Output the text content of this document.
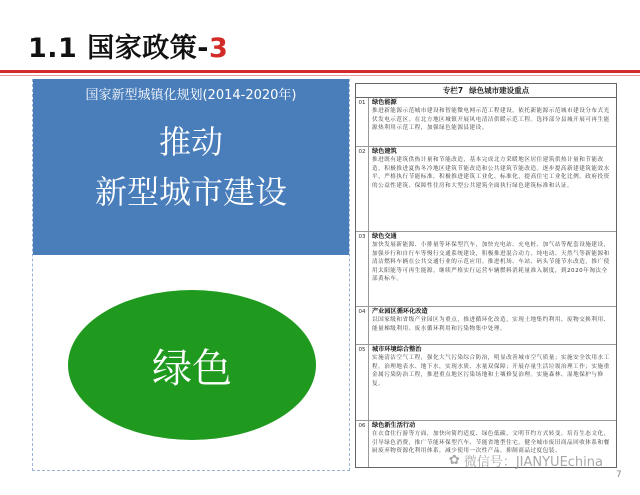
1.1 国家政策-3
国家新型城镇化规划(2014-2020年)
推动
新型城市建设
绿色
专栏7 绿色城市建设重点
01	绿色能源
推进新能源示范城市建设和智能微电网示范工程建设，依托新能源示范城市建设分布式光伏发电示范区。在北方地区城镇开展风电清洁供暖示范工程。选择部分县城开展可再生能源热利用示范工程，加强绿色能源县建设。
02	绿色建筑
推进既有建筑供热计量和节能改造，基本完成北方采暖地区居住建筑供热计量和节能改造，积极推进夏热冬冷地区建筑节能改造和公共建筑节能改造。逐步提高新建建筑能效水平，严格执行节能标准，积极推进建筑工业化、标准化，提高住宅工业化比例。政府投资的公益性建筑、保障性住房和大型公共建筑全面执行绿色建筑标准和认证。
03	绿色交通
加快发展新能源、小排量等环保型汽车，加快充电站、充电桩、加气站等配套设施建设，加强步行和自行车等慢行交通系统建设，积极推进混合动力、纯电动、天然气等新能源和清洁燃料车辆在公共交通行业的示范应用。推进机场、车站、码头节能节水改造，推广使用太阳能等可再生能源。继续严格实行运营车辆燃料消耗量准入制度，到2020年淘汰全部黄标车。
04	产业园区循环化改造
以国家级和省级产业园区为重点，推进循环化改造，实现土地集约利用、废物交换利用、能量梯级利用、废水循环利用和污染物集中处理。
05	城市环境综合整治
实施清洁空气工程，强化大气污染综合防治，明显改善城市空气质量；实施安全饮用水工程，治理地表水、地下水，实现水质、水量双保障；开展存量生活垃圾治理工作；实施重金属污染防治工程，推进重点地区污染场地和土壤修复治理。实施森林、湿地保护与修复。
06	绿色新生活行动
在衣食住行游等方面，加快向简约适度、绿色低碳、文明节约方式转变。培育生态文化，引导绿色消费，推广节能环保型汽车、节能省地型住宅。健全城市废旧商品回收体系和餐厨废弃物资源化利用体系，减少使用一次性产品，抑制商品过度包装。
✿ 微信号：JIANYUEchina
7
